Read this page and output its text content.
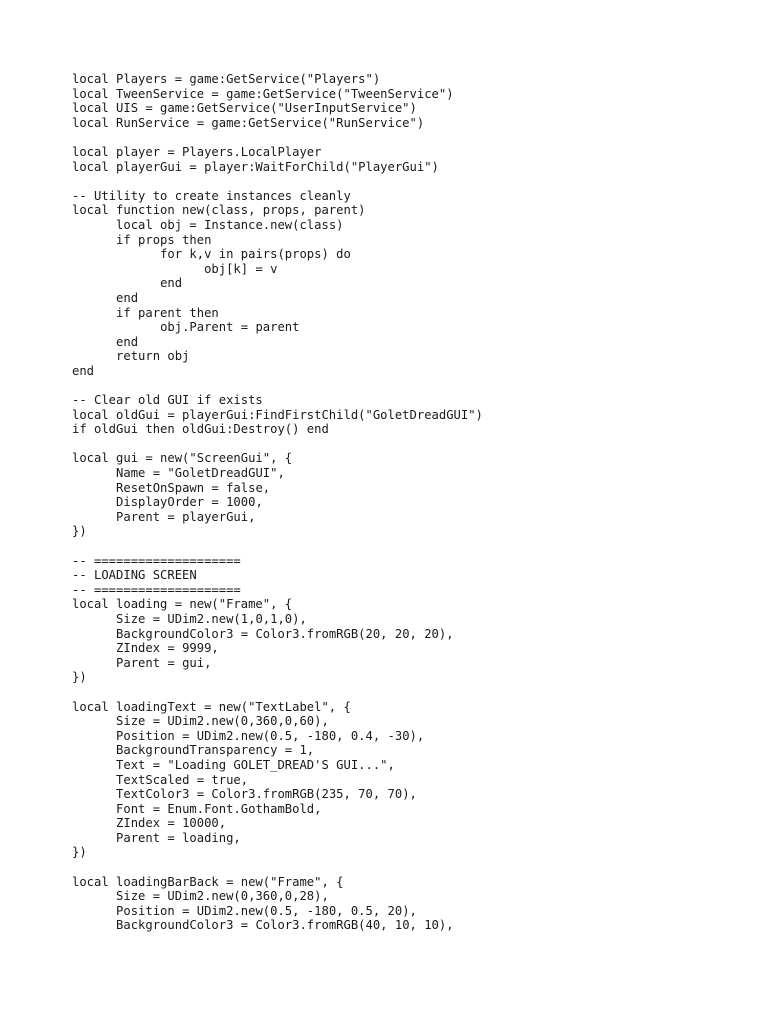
local Players = game:GetService("Players")
local TweenService = game:GetService("TweenService")
local UIS = game:GetService("UserInputService")
local RunService = game:GetService("RunService")
local player = Players.LocalPlayer
local playerGui = player:WaitForChild("PlayerGui")
-- Utility to create instances cleanly
local function new(class, props, parent)
	local obj = Instance.new(class)
	if props then
		for k,v in pairs(props) do
			obj[k] = v
		end
	end
	if parent then
		obj.Parent = parent
	end
	return obj
end
-- Clear old GUI if exists
local oldGui = playerGui:FindFirstChild("GoletDreadGUI")
if oldGui then oldGui:Destroy() end
local gui = new("ScreenGui", {
	Name = "GoletDreadGUI",
	ResetOnSpawn = false,
	DisplayOrder = 1000,
	Parent = playerGui,
})
-- ====================
-- LOADING SCREEN
-- ====================
local loading = new("Frame", {
	Size = UDim2.new(1,0,1,0),
	BackgroundColor3 = Color3.fromRGB(20, 20, 20),
	ZIndex = 9999,
	Parent = gui,
})
local loadingText = new("TextLabel", {
	Size = UDim2.new(0,360,0,60),
	Position = UDim2.new(0.5, -180, 0.4, -30),
	BackgroundTransparency = 1,
	Text = "Loading GOLET_DREAD'S GUI...",
	TextScaled = true,
	TextColor3 = Color3.fromRGB(235, 70, 70),
	Font = Enum.Font.GothamBold,
	ZIndex = 10000,
	Parent = loading,
})
local loadingBarBack = new("Frame", {
	Size = UDim2.new(0,360,0,28),
	Position = UDim2.new(0.5, -180, 0.5, 20),
	BackgroundColor3 = Color3.fromRGB(40, 10, 10),
